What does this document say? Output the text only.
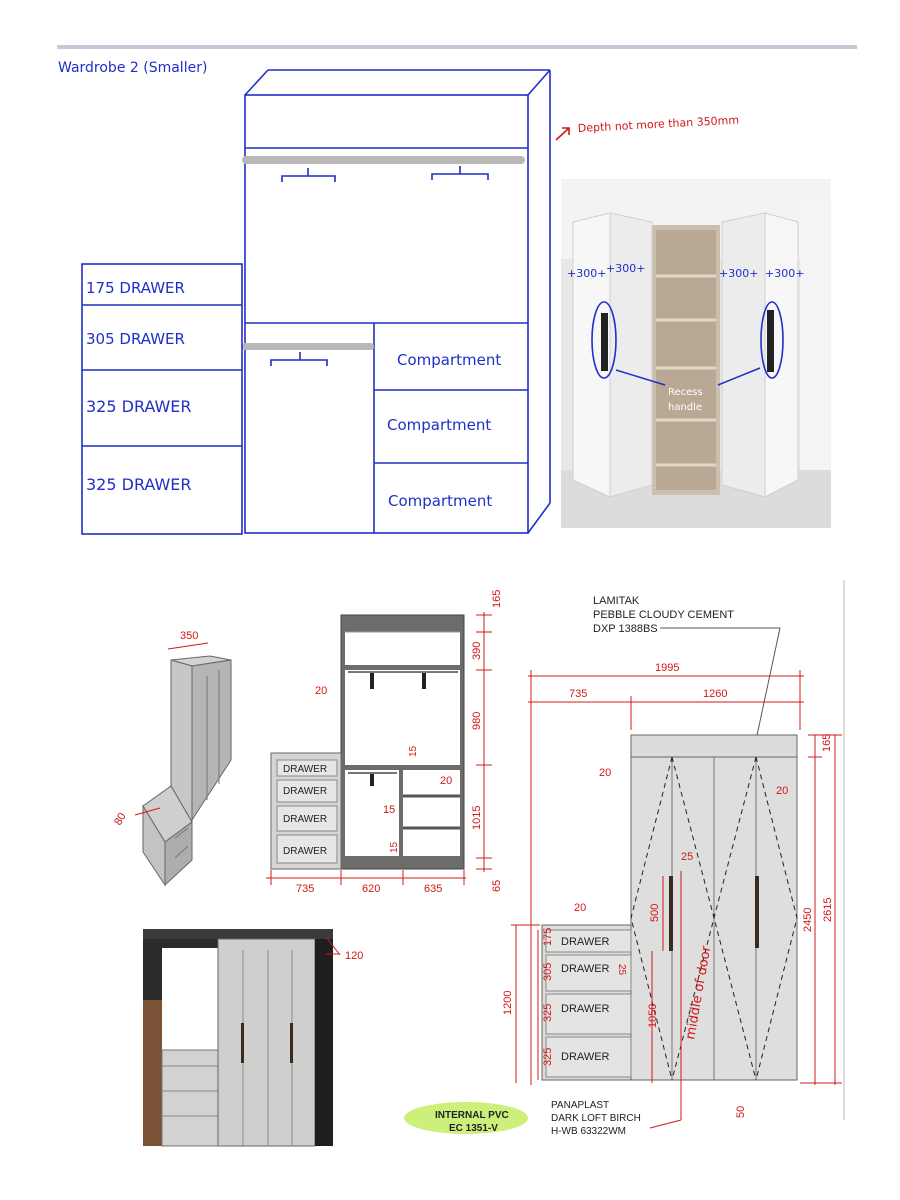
Wardrobe 2 (Smaller)
175 DRAWER
305 DRAWER
325 DRAWER
325 DRAWER
Compartment
Compartment
Compartment
Depth not more than 350mm
+300+ +300+	+300+ +300+
Recess
handle
350
80
DRAWER
DRAWER
DRAWER
DRAWER
735	620	635
165
390
980
1015
65
20
15
20
15
15
LAMITAK
PEBBLE CLOUDY CEMENT
DXP 1388BS
DRAWER
DRAWER
DRAWER
DRAWER
1995
735	1260
165
2450 2615
1200
500
25
1050
20
20
20
25
50
175
305
325
325
middle of door
INTERNAL PVC
EC 1351-V
PANAPLAST
DARK LOFT BIRCH
H-WB 63322WM
120
